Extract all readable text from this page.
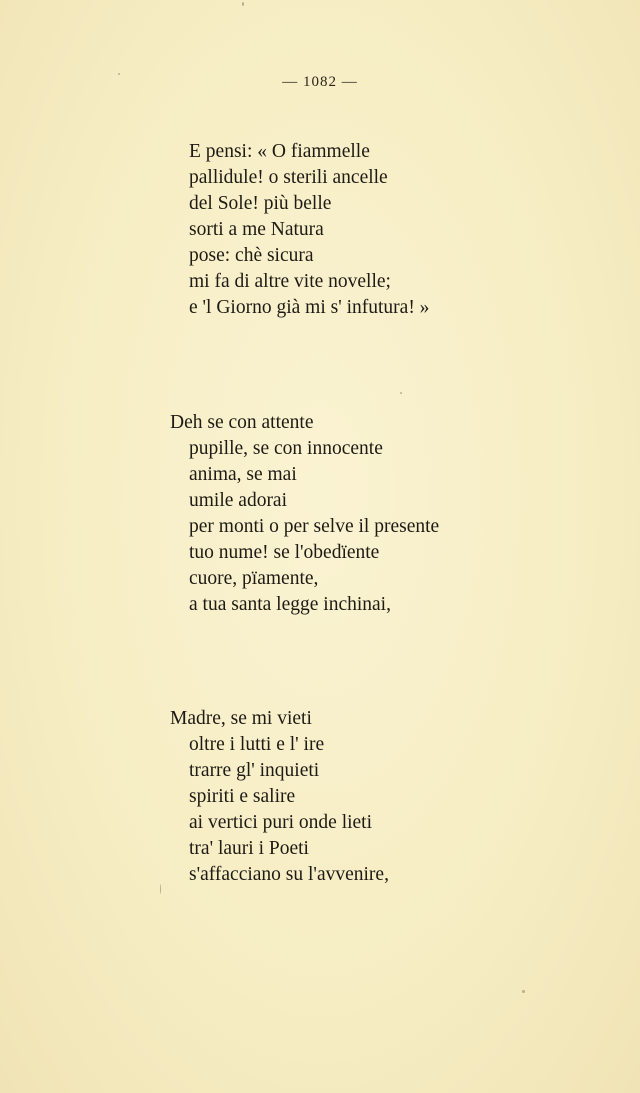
— 1082 —
E pensi: « O fiammelle
pallidule! o sterili ancelle
del Sole! più belle
sorti a me Natura
pose: chè sicura
mi fa di altre vite novelle;
e 'l Giorno già mi s' infutura! »
Deh se con attente
pupille, se con innocente
anima, se mai
umile adorai
per monti o per selve il presente
tuo nume! se l'obedïente
cuore, pïamente,
a tua santa legge inchinai,
Madre, se mi vieti
oltre i lutti e l' ire
trarre gl' inquieti
spiriti e salire
ai vertici puri onde lieti
tra' lauri i Poeti
s'affacciano su l'avvenire,
